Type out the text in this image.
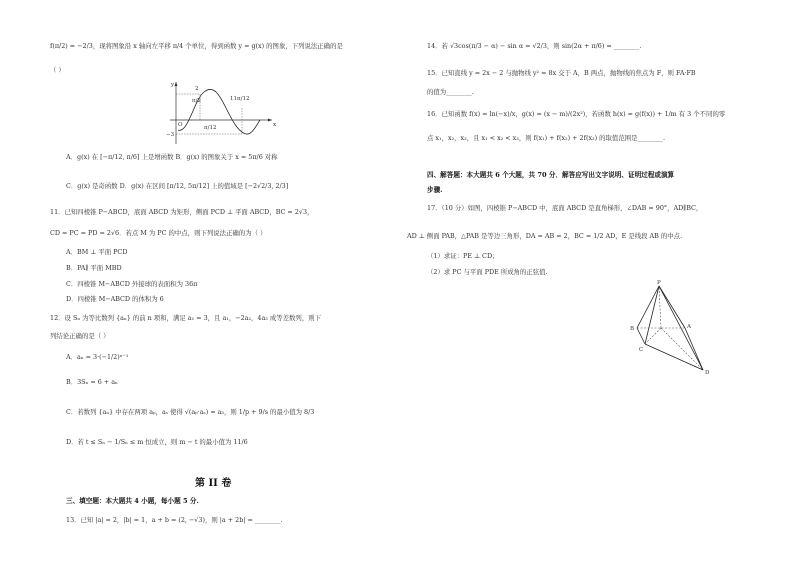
f(π/2) = −2/3，现将图象沿 x 轴向左平移 π/4 个单位，得到函数 y = g(x) 的图象，下列说法正确的是
（ ）
y
x
O
2
−3
π/12
11π/12
π/2
A．g(x) 在 [−π/12, π/6] 上是增函数 B．g(x) 的图象关于 x = 5π/6 对称
C．g(x) 是奇函数 D．g(x) 在区间 [π/12, 5π/12] 上的值域是 [−2√2/3, 2/3]
11．已知四棱锥 P−ABCD，底面 ABCD 为矩形，侧面 PCD ⊥ 平面 ABCD，BC = 2√3，
CD = PC = PD = 2√6．若点 M 为 PC 的中点，则下列说法正确的为（ ）
A．BM ⊥ 平面 PCD
B．PA∥ 平面 MBD
C．四棱锥 M−ABCD 外接球的表面积为 36π
D．四棱锥 M−ABCD 的体积为 6
12．设 Sₙ 为等比数列 {aₙ} 的前 n 项和，满足 a₁ = 3，且 a₁，−2a₂，4a₃ 成等差数列，则下
列结论正确的是（ ）
A．aₙ = 3·(−1/2)ⁿ⁻¹
B．3Sₙ = 6 + aₙ
C．若数列 {aₙ} 中存在两项 aₚ，aₛ 使得 √(aₚ·aₛ) = a₃，则 1/p + 9/s 的最小值为 8/3
D．若 t ≤ Sₙ − 1/Sₙ ≤ m 恒成立，则 m − t 的最小值为 11/6
第 II 卷
三、填空题：本大题共 4 小题，每小题 5 分.
13．已知 |a| = 2，|b| = 1，a + b = (2, −√3)，则 |a + 2b| = ________.
14．若 √3cos(π/3 − α) − sin α = √2/3，则 sin(2α + π/6) = ________.
15．已知直线 y = 2x − 2 与抛物线 y² = 8x 交于 A，B 两点，抛物线的焦点为 F，则 FA·FB
的值为________.
16．已知函数 f(x) = ln(−x)/x，g(x) = (x − m)/(2x²)，若函数 h(x) = g(f(x)) + 1/m 有 3 个不同的零
点 x₁，x₂，x₃，且 x₁ < x₂ < x₃，则 f(x₁) + f(x₂) + 2f(x₃) 的取值范围是________.
四、解答题：本大题共 6 个大题，共 70 分．解答应写出文字说明、证明过程或演算
步骤.
17．（10 分）如图，四棱锥 P−ABCD 中，底面 ABCD 是直角梯形，∠DAB = 90°，AD∥BC，
AD ⊥ 侧面 PAB，△PAB 是等边三角形，DA = AB = 2，BC = 1/2 AD，E 是线段 AB 的中点.
（1）求证：PE ⊥ CD；
（2）求 PC 与平面 PDE 所成角的正弦值.
P
B	A
C
D
